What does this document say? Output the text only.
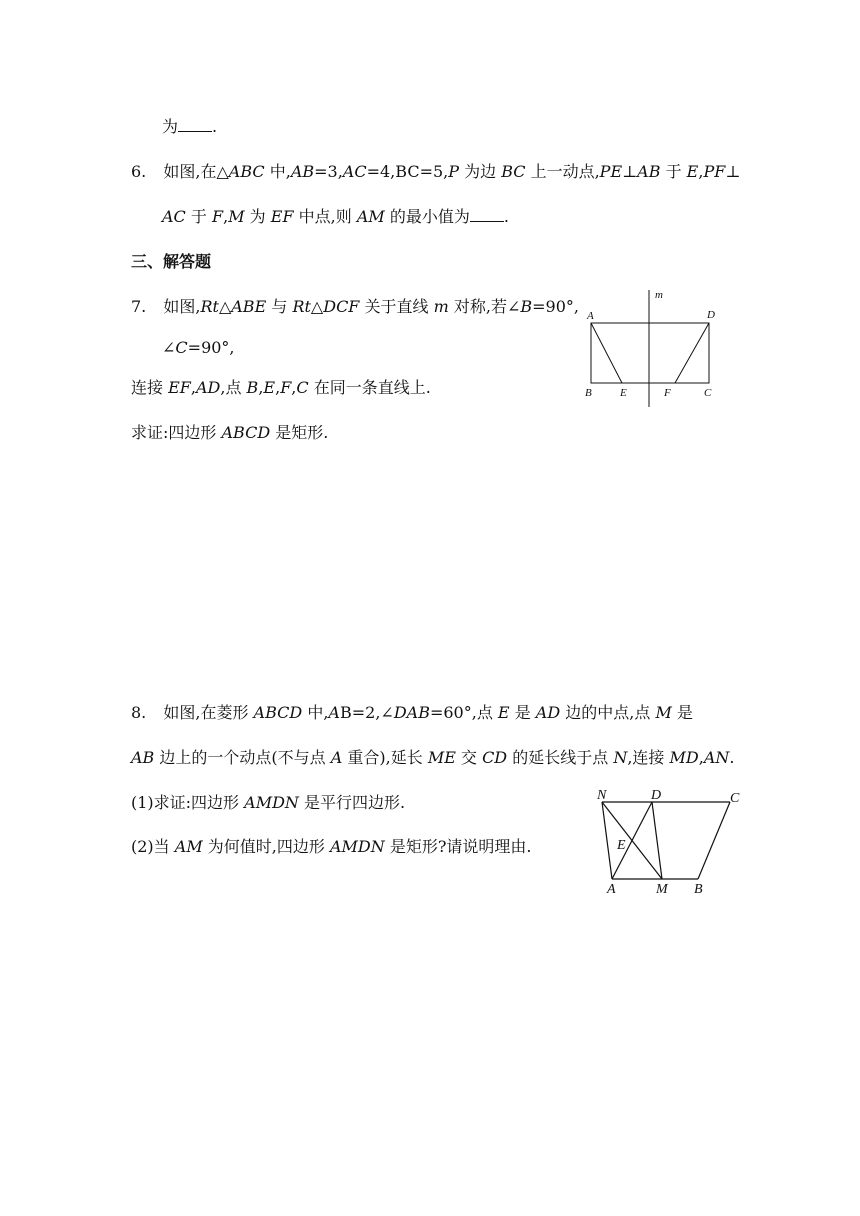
为 .
6. 如图,在△ABC 中,AB=3,AC=4,BC=5,P 为边 BC 上一动点,PE⊥AB 于 E,PF⊥
AC 于 F,M 为 EF 中点,则 AM 的最小值为 .
三、解答题
7. 如图,Rt△ABE 与 Rt△DCF 关于直线 m 对称,若∠B=90°,
∠C=90°,
连接 EF,AD,点 B,E,F,C 在同一条直线上.
求证:四边形 ABCD 是矩形.
m
A	D
B	E	F	C
8. 如图,在菱形 ABCD 中,AB=2,∠DAB=60°,点 E 是 AD 边的中点,点 M 是
AB 边上的一个动点(不与点 A 重合),延长 ME 交 CD 的延长线于点 N,连接 MD,AN.
(1)求证:四边形 AMDN 是平行四边形.
(2)当 AM 为何值时,四边形 AMDN 是矩形?请说明理由.
N	D	C
E
A	M B
